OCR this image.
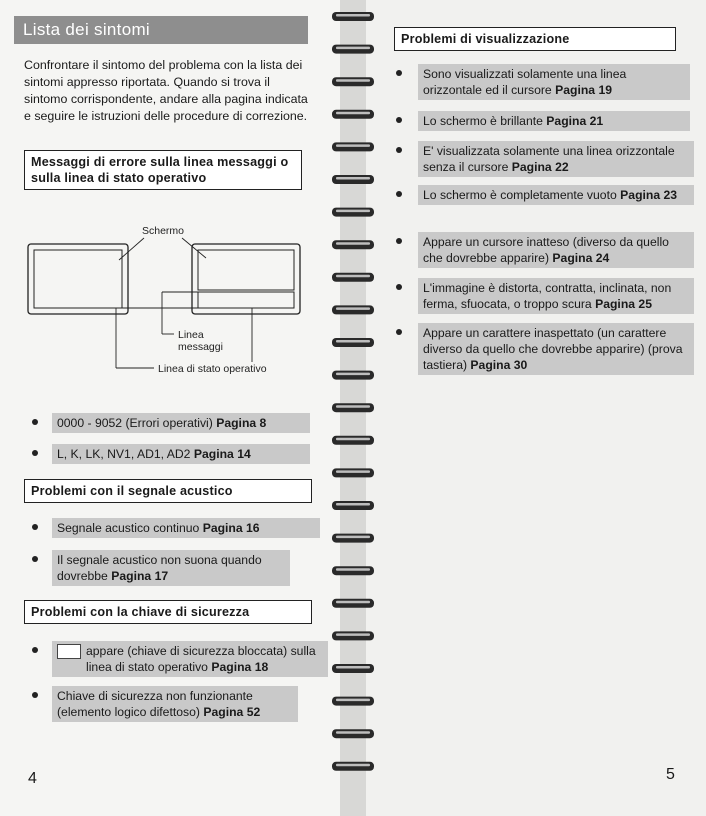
Lista dei sintomi
Confrontare il sintomo del problema con la lista dei sintomi appresso riportata. Quando si trova il sintomo corrispondente, andare alla pagina indicata e seguire le istruzioni delle procedure di correzione.
Messaggi di errore sulla linea messaggi o sulla linea di stato operativo
Schermo
Linea
messaggi
Linea di stato operativo
0000 - 9052 (Errori operativi) Pagina 8
L, K, LK, NV1, AD1, AD2 Pagina 14
Problemi con il segnale acustico
Segnale acustico continuo Pagina 16
Il segnale acustico non suona quando dovrebbe Pagina 17
Problemi con la chiave di sicurezza
appare (chiave di sicurezza bloccata) sulla linea di stato operativo Pagina 18
Chiave di sicurezza non funzionante (elemento logico difettoso) Pagina 52
4
Problemi di visualizzazione
Sono visualizzati solamente una linea orizzontale ed il cursore Pagina 19
Lo schermo è brillante Pagina 21
E' visualizzata solamente una linea orizzontale senza il cursore Pagina 22
Lo schermo è completamente vuoto Pagina 23
Appare un cursore inatteso (diverso da quello che dovrebbe apparire) Pagina 24
L'immagine è distorta, contratta, inclinata, non ferma, sfuocata, o troppo scura Pagina 25
Appare un carattere inaspettato (un carattere diverso da quello che dovrebbe apparire) (prova tastiera) Pagina 30
5
